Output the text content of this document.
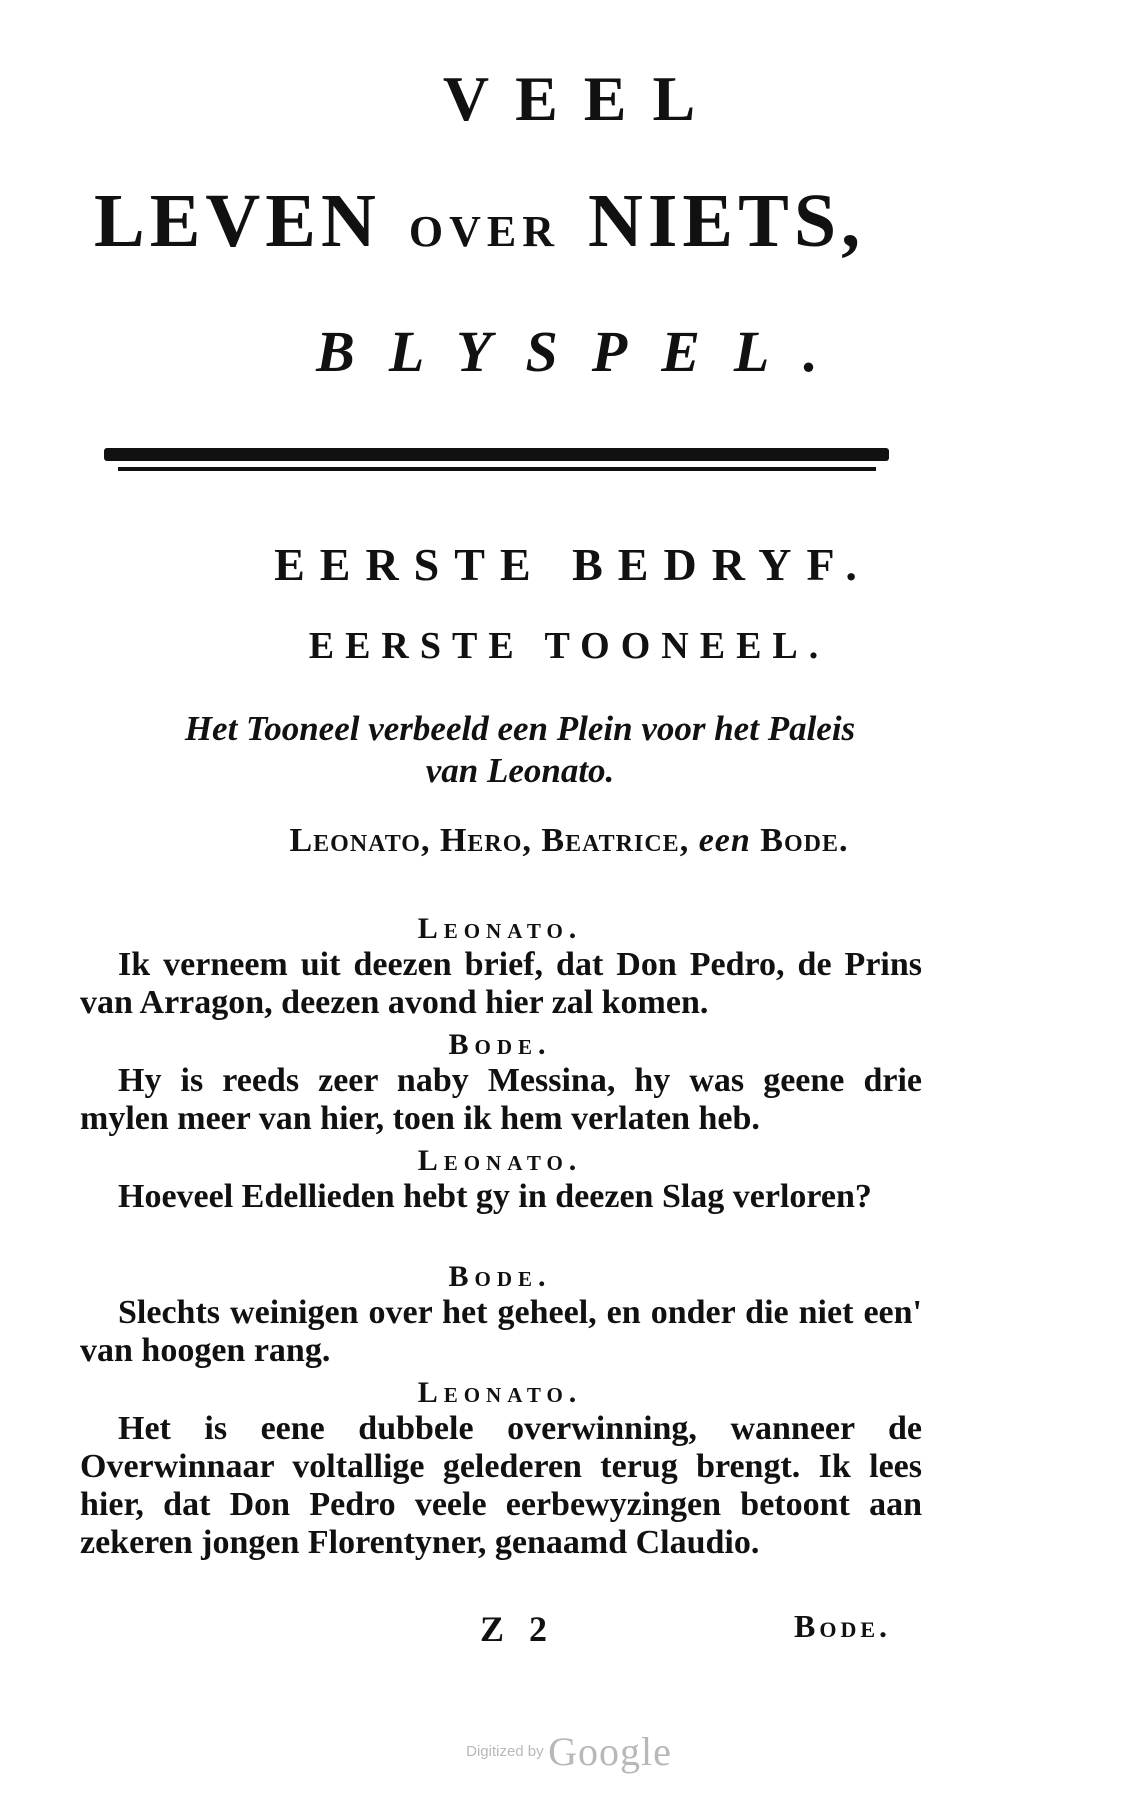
VEEL
LEVEN OVER NIETS,
BLYSPEL.
EERSTE BEDRYF.
EERSTE TOONEEL.
Het Tooneel verbeeld een Plein voor het Paleis
van Leonato.
Leonato, Hero, Beatrice, een Bode.
Leonato.
Ik verneem uit deezen brief, dat Don Pedro, de Prins van Arragon, deezen avond hier zal komen.
Bode.
Hy is reeds zeer naby Messina, hy was geene drie mylen meer van hier, toen ik hem verlaten heb.
Leonato.
Hoeveel Edellieden hebt gy in deezen Slag verloren?
Bode.
Slechts weinigen over het geheel, en onder die niet een' van hoogen rang.
Leonato.
Het is eene dubbele overwinning, wanneer de Overwinnaar voltallige gelederen terug brengt. Ik lees hier, dat Don Pedro veele eerbewyzingen betoont aan zekeren jongen Florentyner, genaamd Claudio.
Z 2	Bode.
Digitized by Google
